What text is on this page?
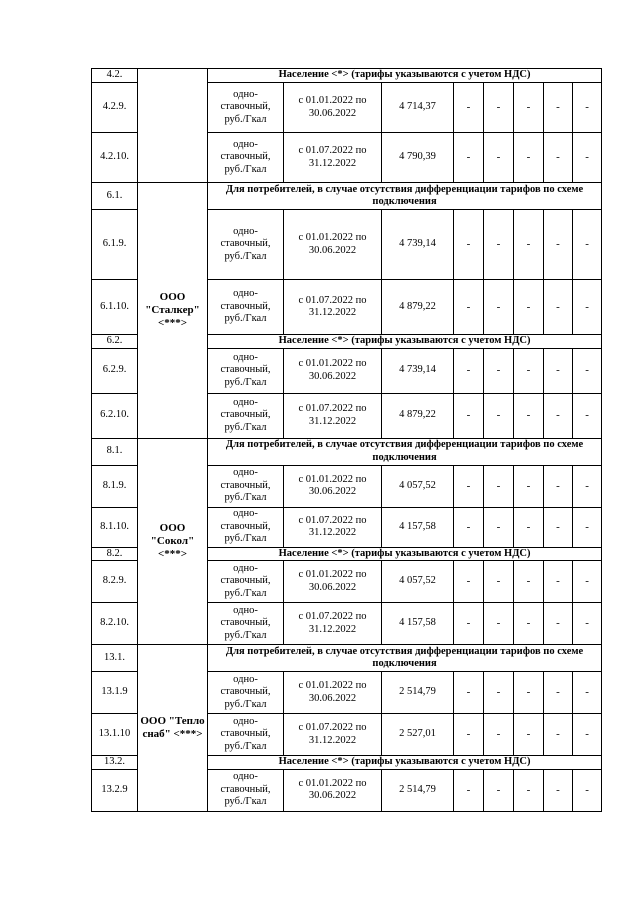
4.2.		Население <*> (тарифы указываются с учетом НДС)							
4.2.9.		одно-ставочный, руб./Гкал	с 01.01.2022 по 30.06.2022	4 714,37	-	-	-	-	-
4.2.10.		одно-ставочный, руб./Гкал	с 01.07.2022 по 31.12.2022	4 790,39	-	-	-	-	-
6.1.	ООО "Сталкер" <***>	Для потребителей, в случае отсутствия дифференциации тарифов по схеме подключения							
6.1.9.		одно-ставочный, руб./Гкал	с 01.01.2022 по 30.06.2022	4 739,14	-	-	-	-	-
6.1.10.		одно-ставочный, руб./Гкал	с 01.07.2022 по 31.12.2022	4 879,22	-	-	-	-	-
6.2.		Население <*> (тарифы указываются с учетом НДС)							
6.2.9.		одно-ставочный, руб./Гкал	с 01.01.2022 по 30.06.2022	4 739,14	-	-	-	-	-
6.2.10.		одно-ставочный, руб./Гкал	с 01.07.2022 по 31.12.2022	4 879,22	-	-	-	-	-
8.1.	ООО "Сокол" <***>	Для потребителей, в случае отсутствия дифференциации тарифов по схеме подключения							
8.1.9.		одно-ставочный, руб./Гкал	с 01.01.2022 по 30.06.2022	4 057,52	-	-	-	-	-
8.1.10.		одно-ставочный, руб./Гкал	с 01.07.2022 по 31.12.2022	4 157,58	-	-	-	-	-
8.2.		Население <*> (тарифы указываются с учетом НДС)							
8.2.9.		одно-ставочный, руб./Гкал	с 01.01.2022 по 30.06.2022	4 057,52	-	-	-	-	-
8.2.10.		одно-ставочный, руб./Гкал	с 01.07.2022 по 31.12.2022	4 157,58	-	-	-	-	-
13.1.	ООО "Тепло снаб" <***>	Для потребителей, в случае отсутствия дифференциации тарифов по схеме подключения							
13.1.9		одно-ставочный, руб./Гкал	с 01.01.2022 по 30.06.2022	2 514,79	-	-	-	-	-
13.1.10		одно-ставочный, руб./Гкал	с 01.07.2022 по 31.12.2022	2 527,01	-	-	-	-	-
13.2.		Население <*> (тарифы указываются с учетом НДС)							
13.2.9		одно-ставочный, руб./Гкал	с 01.01.2022 по 30.06.2022	2 514,79	-	-	-	-	-
